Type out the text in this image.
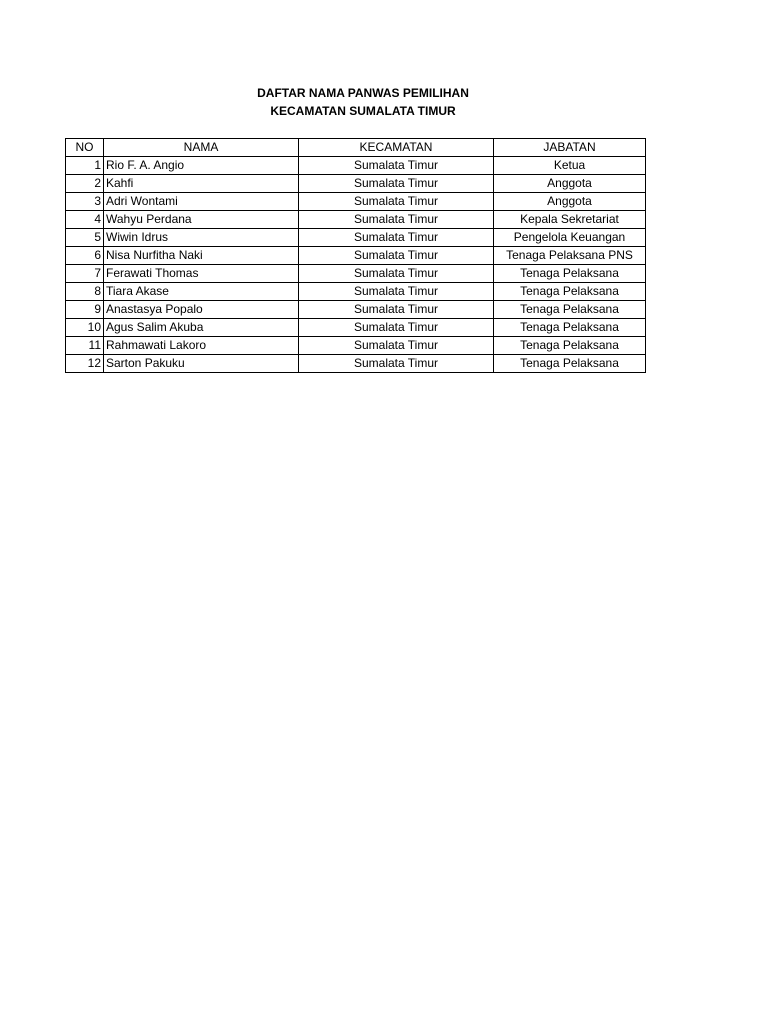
DAFTAR NAMA PANWAS PEMILIHAN
KECAMATAN SUMALATA TIMUR
NO	NAMA	KECAMATAN	JABATAN
1	Rio F. A. Angio	Sumalata Timur	Ketua
2	Kahfi	Sumalata Timur	Anggota
3	Adri Wontami	Sumalata Timur	Anggota
4	Wahyu Perdana	Sumalata Timur	Kepala Sekretariat
5	Wiwin Idrus	Sumalata Timur	Pengelola Keuangan
6	Nisa Nurfitha Naki	Sumalata Timur	Tenaga Pelaksana PNS
7	Ferawati Thomas	Sumalata Timur	Tenaga Pelaksana
8	Tiara Akase	Sumalata Timur	Tenaga Pelaksana
9	Anastasya Popalo	Sumalata Timur	Tenaga Pelaksana
10	Agus Salim Akuba	Sumalata Timur	Tenaga Pelaksana
11	Rahmawati Lakoro	Sumalata Timur	Tenaga Pelaksana
12	Sarton Pakuku	Sumalata Timur	Tenaga Pelaksana
